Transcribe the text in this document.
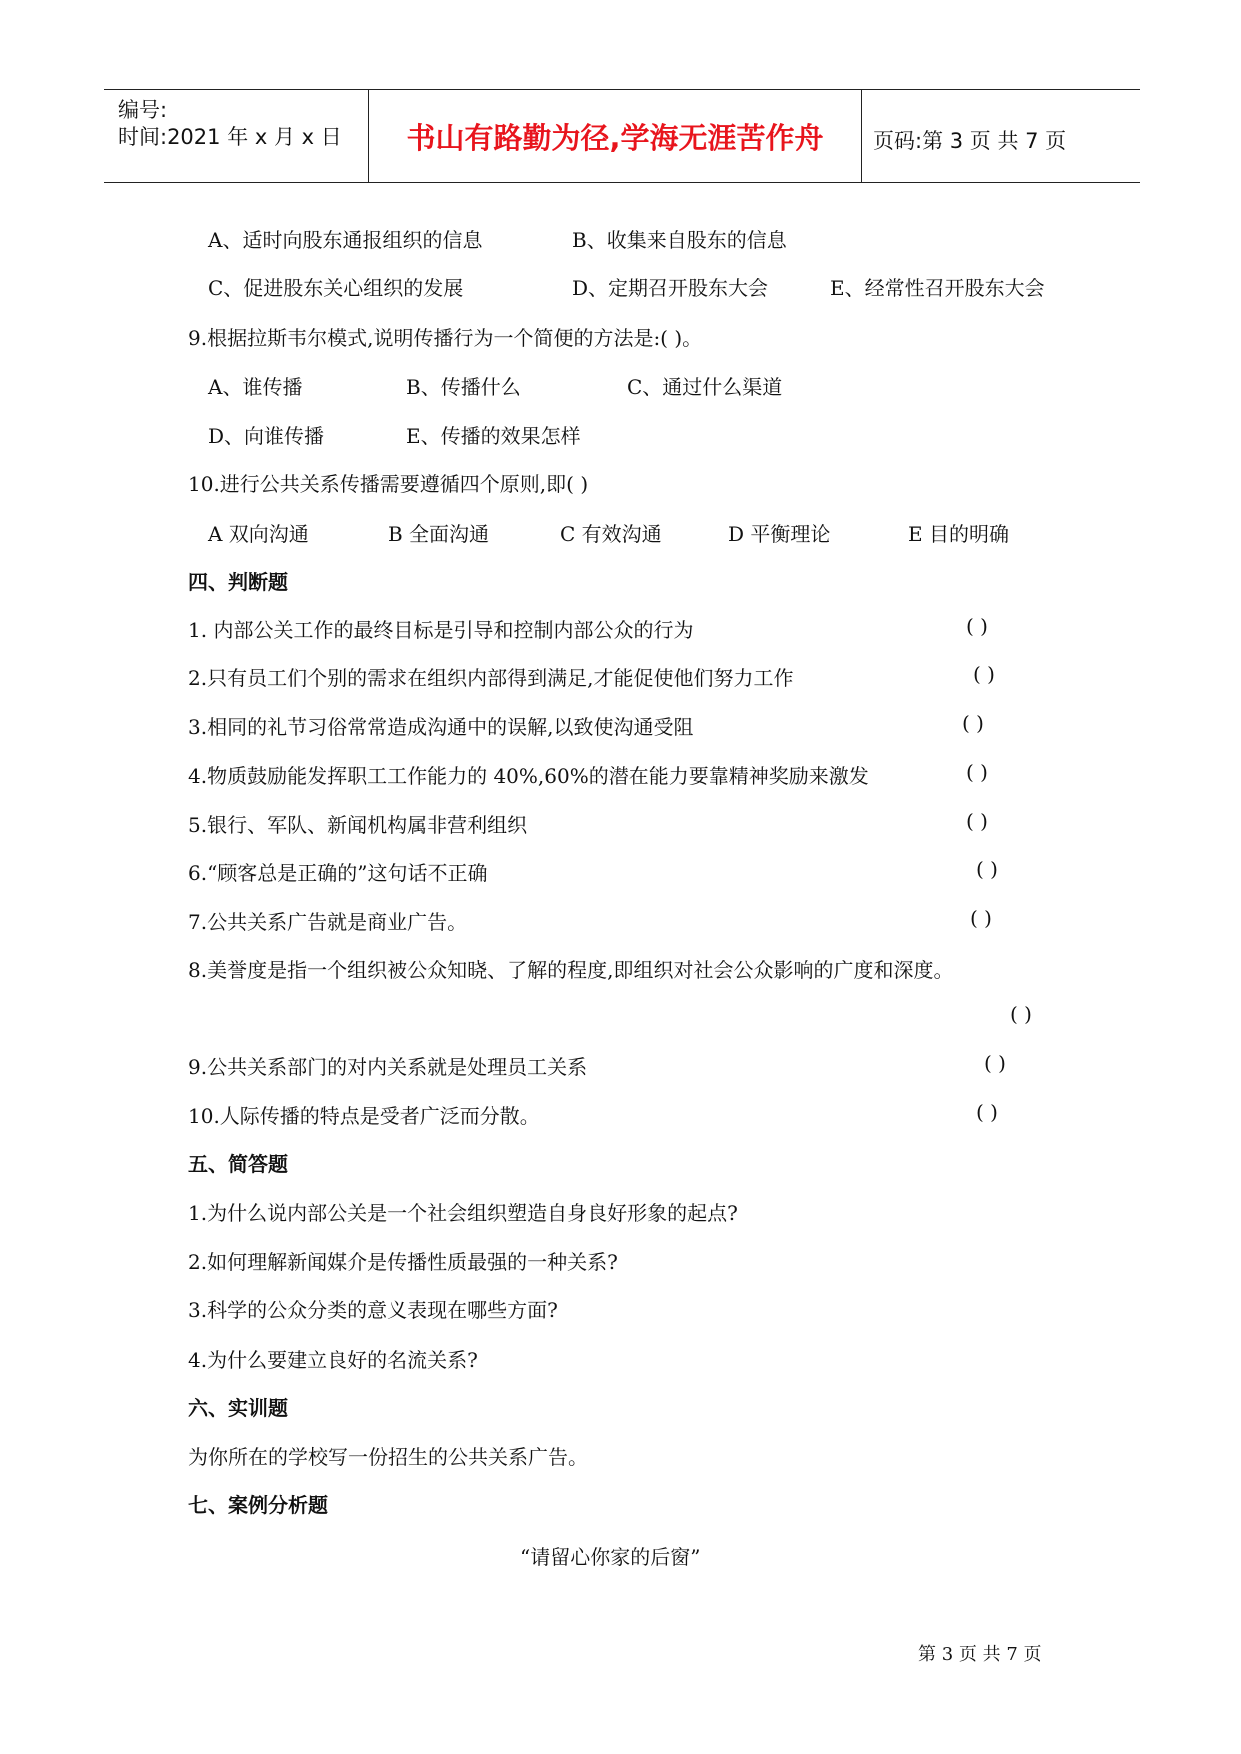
编号:
时间:2021 年 x 月 x 日	书山有路勤为径,学海无涯苦作舟	页码:第 3 页 共 7 页
A、适时向股东通报组织的信息	B、收集来自股东的信息
C、促进股东关心组织的发展	D、定期召开股东大会	E、经常性召开股东大会
9.根据拉斯韦尔模式,说明传播行为一个简便的方法是:( )。
A、谁传播	B、传播什么	C、通过什么渠道
D、向谁传播	E、传播的效果怎样
10.进行公共关系传播需要遵循四个原则,即( )
A 双向沟通	B 全面沟通	C 有效沟通	D 平衡理论	E 目的明确
四、判断题
1. 内部公关工作的最终目标是引导和控制内部公众的行为	( )
2.只有员工们个别的需求在组织内部得到满足,才能促使他们努力工作	( )
3.相同的礼节习俗常常造成沟通中的误解,以致使沟通受阻	( )
4.物质鼓励能发挥职工工作能力的 40%,60%的潜在能力要靠精神奖励来激发	( )
5.银行、军队、新闻机构属非营利组织	( )
6.“顾客总是正确的”这句话不正确	( )
7.公共关系广告就是商业广告。	( )
8.美誉度是指一个组织被公众知晓、了解的程度,即组织对社会公众影响的广度和深度。
( )
9.公共关系部门的对内关系就是处理员工关系	( )
10.人际传播的特点是受者广泛而分散。	( )
五、简答题
1.为什么说内部公关是一个社会组织塑造自身良好形象的起点?
2.如何理解新闻媒介是传播性质最强的一种关系?
3.科学的公众分类的意义表现在哪些方面?
4.为什么要建立良好的名流关系?
六、实训题
为你所在的学校写一份招生的公共关系广告。
七、案例分析题
“请留心你家的后窗”
第 3 页 共 7 页
